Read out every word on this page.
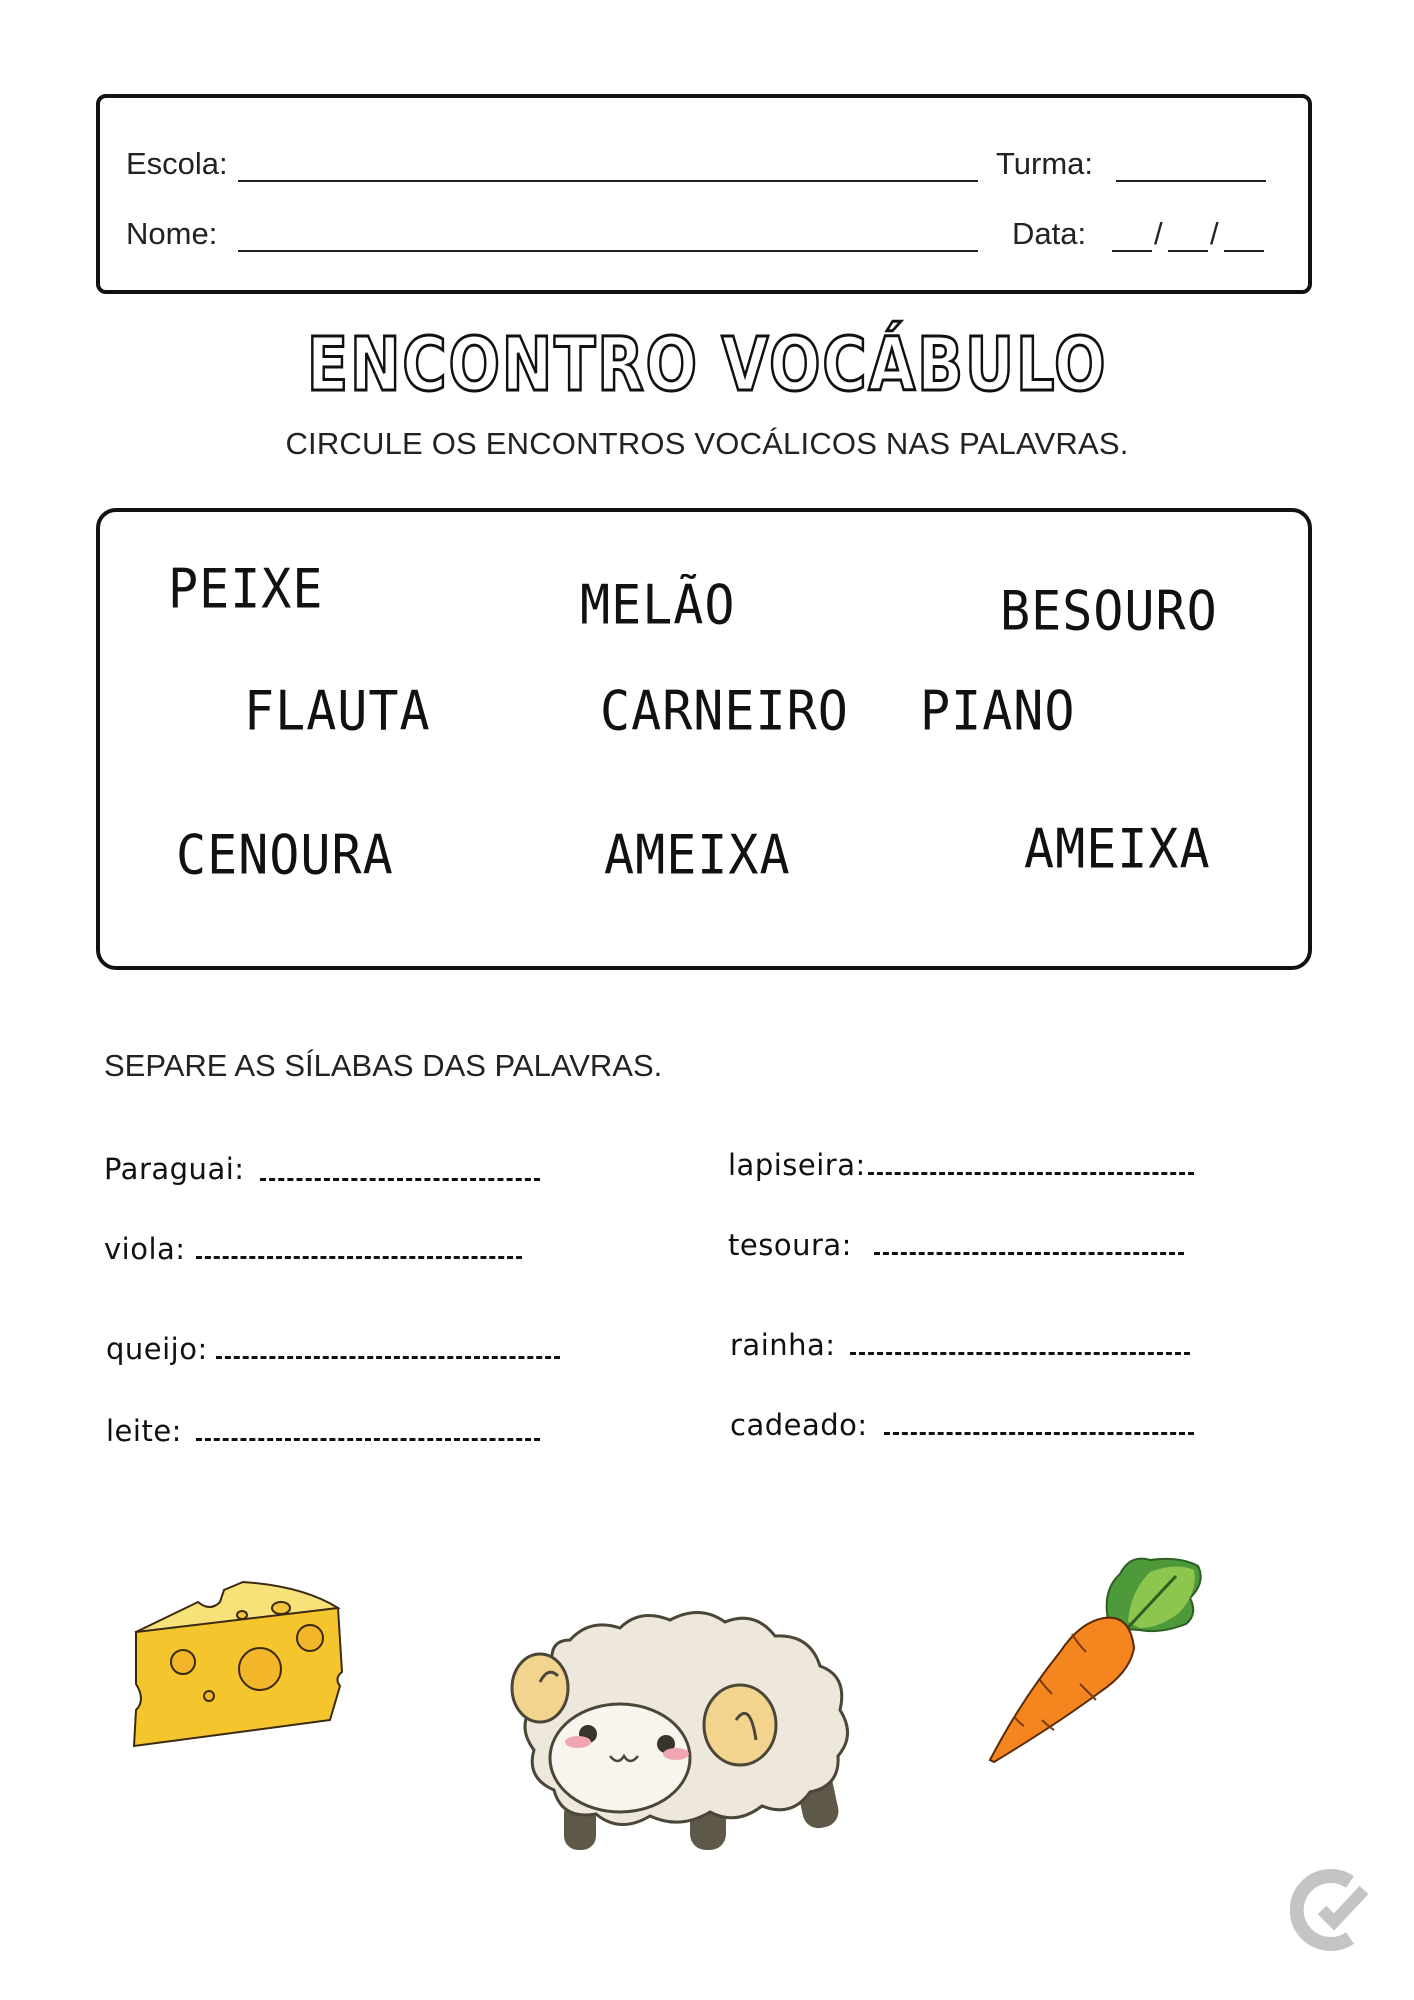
Escola:	Turma:
Nome:	Data: / /
ENCONTRO VOCÁBULO
CIRCULE OS ENCONTROS VOCÁLICOS NAS PALAVRAS.
PEIXE	MELÃO	BESOURO
FLAUTA	CARNEIRO PIANO
CENOURA	AMEIXA	AMEIXA
SEPARE AS SÍLABAS DAS PALAVRAS.
Paraguai:
viola:
queijo:
leite:
lapiseira:
tesoura:
rainha:
cadeado:
